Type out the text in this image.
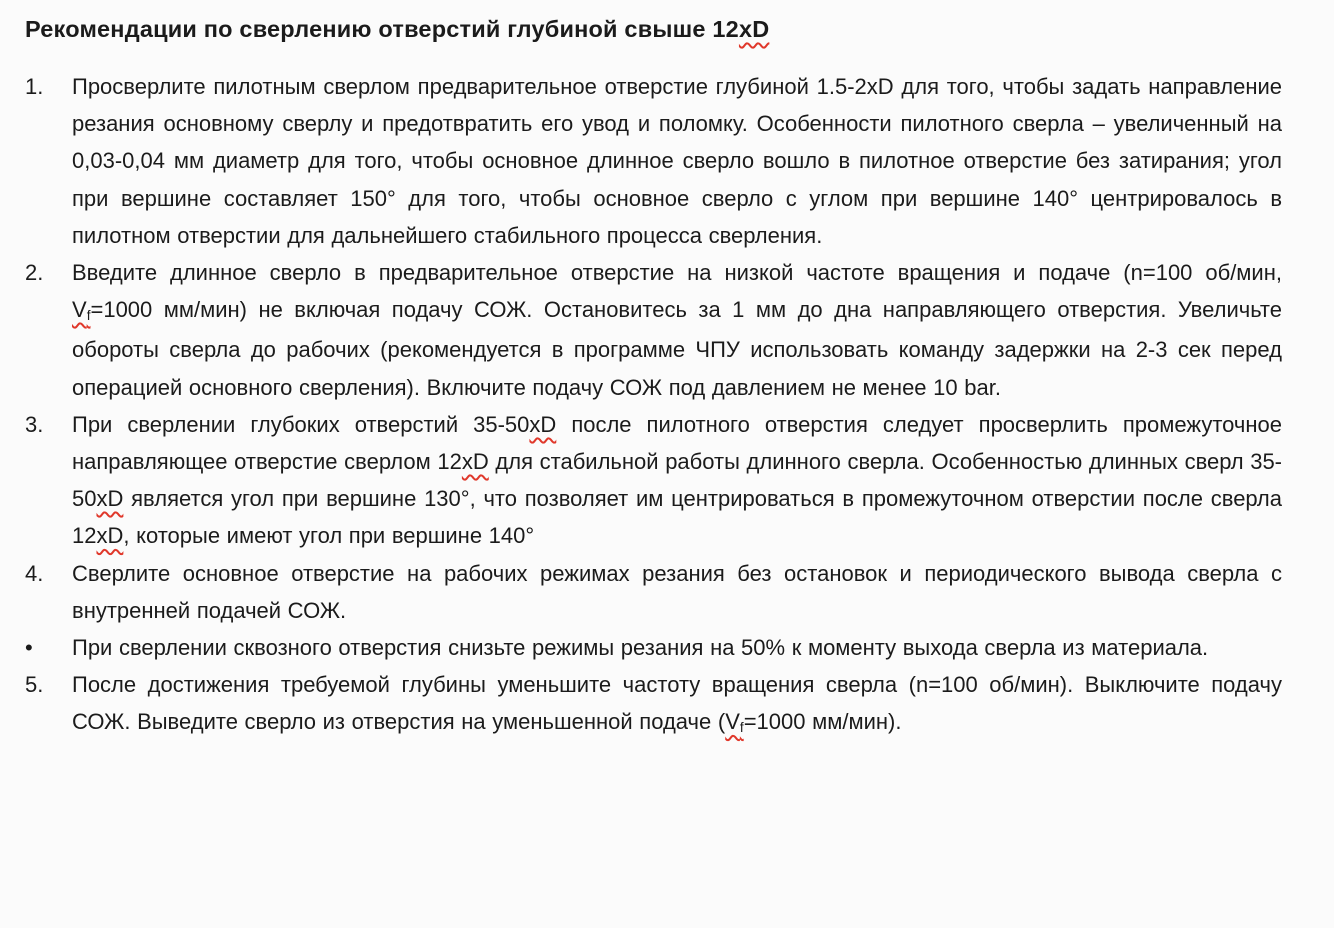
Рекомендации по сверлению отверстий глубиной свыше 12xD
1.	Просверлите пилотным сверлом предварительное отверстие глубиной 1.5-2xD для того, чтобы задать направление резания основному сверлу и предотвратить его увод и поломку. Особенности пилотного сверла – увеличенный на 0,03-0,04 мм диаметр для того, чтобы основное длинное сверло вошло в пилотное отверстие без затирания; угол при вершине составляет 150° для того, чтобы основное сверло с углом при вершине 140° центрировалось в пилотном отверстии для дальнейшего стабильного процесса сверления.
2.	Введите длинное сверло в предварительное отверстие на низкой частоте вращения и подаче (n=100 об/мин, Vf=1000 мм/мин) не включая подачу СОЖ. Остановитесь за 1 мм до дна направляющего отверстия. Увеличьте обороты сверла до рабочих (рекомендуется в программе ЧПУ использовать команду задержки на 2-3 сек перед операцией основного сверления). Включите подачу СОЖ под давлением не менее 10 bar.
3.	При сверлении глубоких отверстий 35-50xD после пилотного отверстия следует просверлить промежуточное направляющее отверстие сверлом 12xD для стабильной работы длинного сверла. Особенностью длинных сверл 35-50xD является угол при вершине 130°, что позволяет им центрироваться в промежуточном отверстии после сверла 12xD, которые имеют угол при вершине 140°
4.	Сверлите основное отверстие на рабочих режимах резания без остановок и периодического вывода сверла с внутренней подачей СОЖ.
•	При сверлении сквозного отверстия снизьте режимы резания на 50% к моменту выхода сверла из материала.
5.	После достижения требуемой глубины уменьшите частоту вращения сверла (n=100 об/мин). Выключите подачу СОЖ. Выведите сверло из отверстия на уменьшенной подаче (Vf=1000 мм/мин).
